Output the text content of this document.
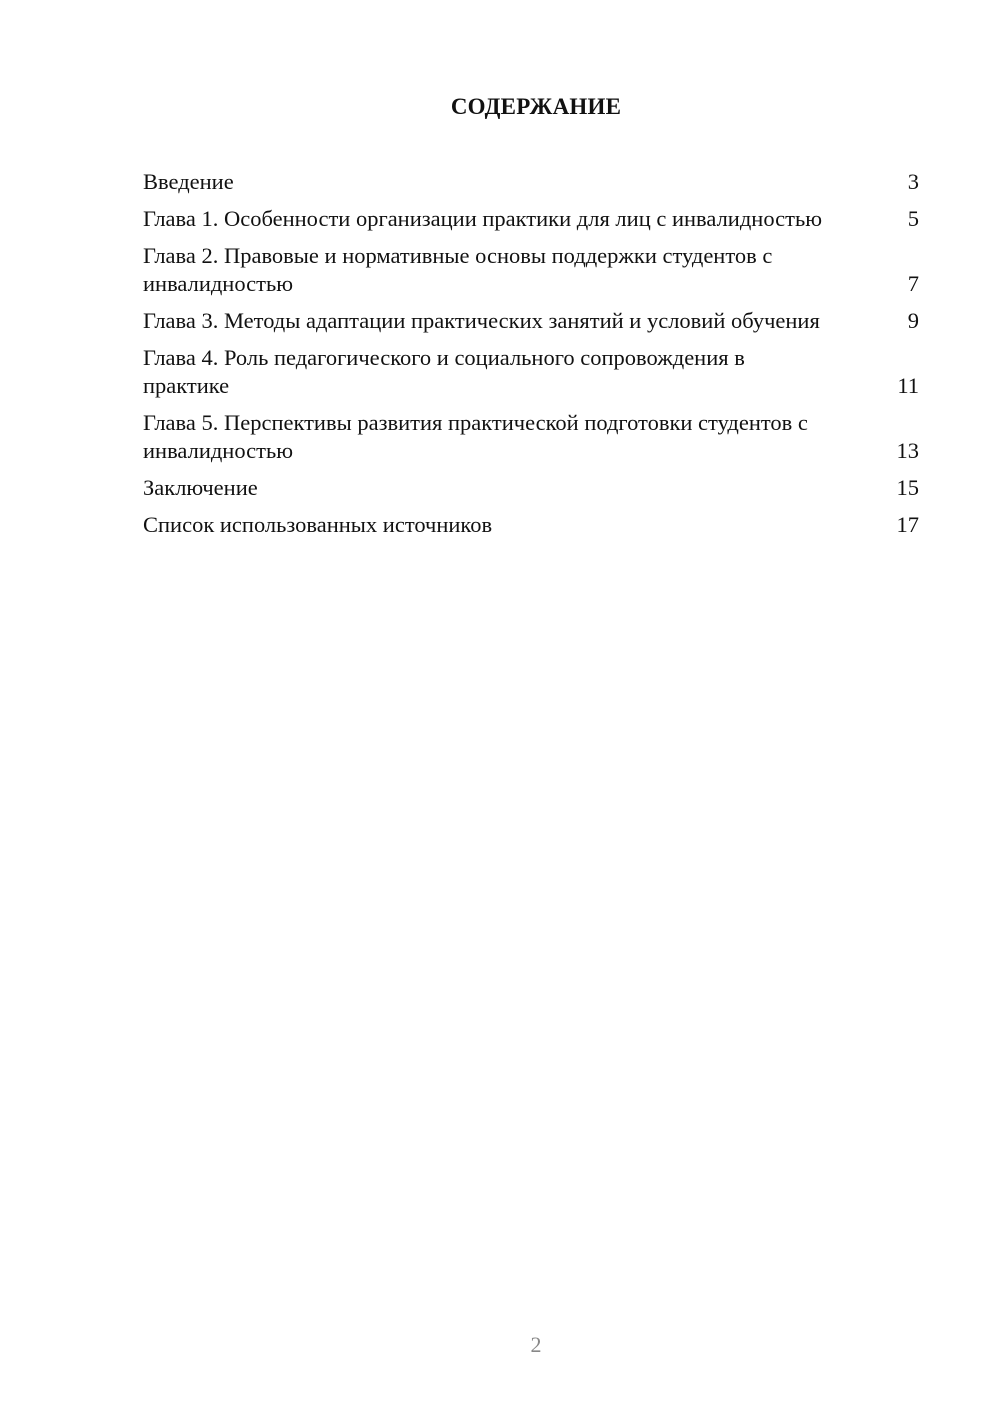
СОДЕРЖАНИЕ
Введение	3
Глава 1. Особенности организации практики для лиц с инвалидностью	5
Глава 2. Правовые и нормативные основы поддержки студентов с инвалидностью	7
Глава 3. Методы адаптации практических занятий и условий обучения	9
Глава 4. Роль педагогического и социального сопровождения в практике	11
Глава 5. Перспективы развития практической подготовки студентов с инвалидностью	13
Заключение	15
Список использованных источников	17
2
